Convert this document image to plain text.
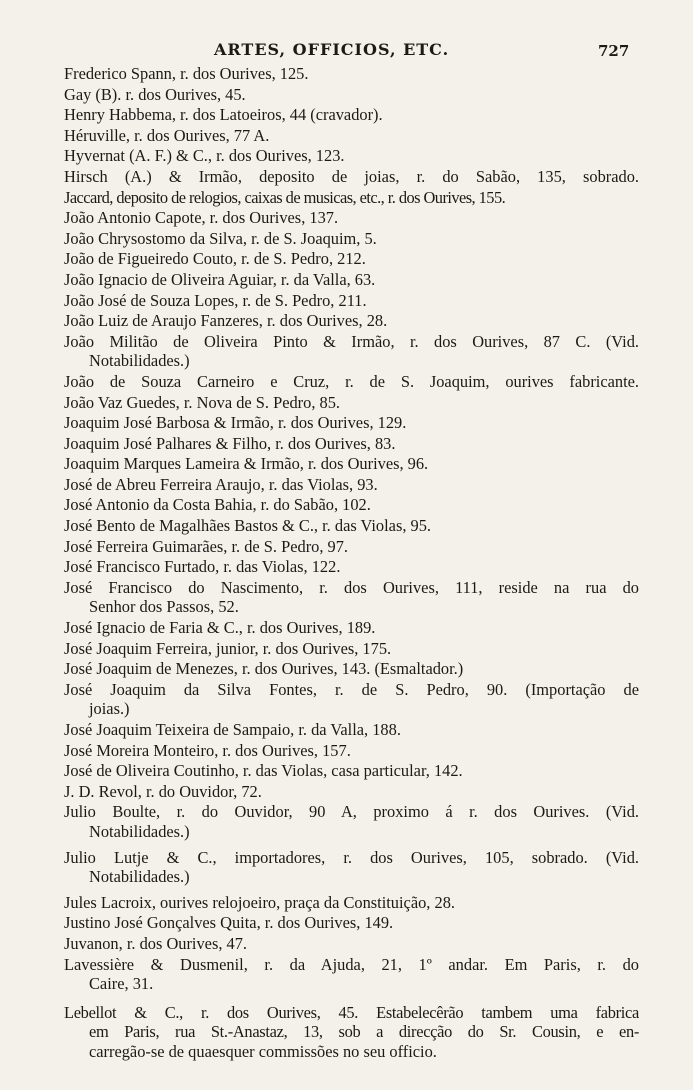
ARTES, OFFICIOS, ETC.	727
Frederico Spann, r. dos Ourives, 125.
Gay (B). r. dos Ourives, 45.
Henry Habbema, r. dos Latoeiros, 44 (cravador).
Héruville, r. dos Ourives, 77 A.
Hyvernat (A. F.) & C., r. dos Ourives, 123.
Hirsch (A.) & Irmão, deposito de joias, r. do Sabão, 135, sobrado.
Jaccard, deposito de relogios, caixas de musicas, etc., r. dos Ourives, 155.
João Antonio Capote, r. dos Ourives, 137.
João Chrysostomo da Silva, r. de S. Joaquim, 5.
João de Figueiredo Couto, r. de S. Pedro, 212.
João Ignacio de Oliveira Aguiar, r. da Valla, 63.
João José de Souza Lopes, r. de S. Pedro, 211.
João Luiz de Araujo Fanzeres, r. dos Ourives, 28.
João Militão de Oliveira Pinto & Irmão, r. dos Ourives, 87 C. (Vid.
Notabilidades.)
João de Souza Carneiro e Cruz, r. de S. Joaquim, ourives fabricante.
João Vaz Guedes, r. Nova de S. Pedro, 85.
Joaquim José Barbosa & Irmão, r. dos Ourives, 129.
Joaquim José Palhares & Filho, r. dos Ourives, 83.
Joaquim Marques Lameira & Irmão, r. dos Ourives, 96.
José de Abreu Ferreira Araujo, r. das Violas, 93.
José Antonio da Costa Bahia, r. do Sabão, 102.
José Bento de Magalhães Bastos & C., r. das Violas, 95.
José Ferreira Guimarães, r. de S. Pedro, 97.
José Francisco Furtado, r. das Violas, 122.
José Francisco do Nascimento, r. dos Ourives, 111, reside na rua do
Senhor dos Passos, 52.
José Ignacio de Faria & C., r. dos Ourives, 189.
José Joaquim Ferreira, junior, r. dos Ourives, 175.
José Joaquim de Menezes, r. dos Ourives, 143. (Esmaltador.)
José Joaquim da Silva Fontes, r. de S. Pedro, 90. (Importação de
joias.)
José Joaquim Teixeira de Sampaio, r. da Valla, 188.
José Moreira Monteiro, r. dos Ourives, 157.
José de Oliveira Coutinho, r. das Violas, casa particular, 142.
J. D. Revol, r. do Ouvidor, 72.
Julio Boulte, r. do Ouvidor, 90 A, proximo á r. dos Ourives. (Vid.
Notabilidades.)
Julio Lutje & C., importadores, r. dos Ourives, 105, sobrado. (Vid.
Notabilidades.)
Jules Lacroix, ourives relojoeiro, praça da Constituição, 28.
Justino José Gonçalves Quita, r. dos Ourives, 149.
Juvanon, r. dos Ourives, 47.
Lavessière & Dusmenil, r. da Ajuda, 21, 1º andar. Em Paris, r. do
Caire, 31.
Lebellot & C., r. dos Ourives, 45. Estabelecêrão tambem uma fabrica
em Paris, rua St.-Anastaz, 13, sob a direcção do Sr. Cousin, e en-
carregão-se de quaesquer commissões no seu officio.
